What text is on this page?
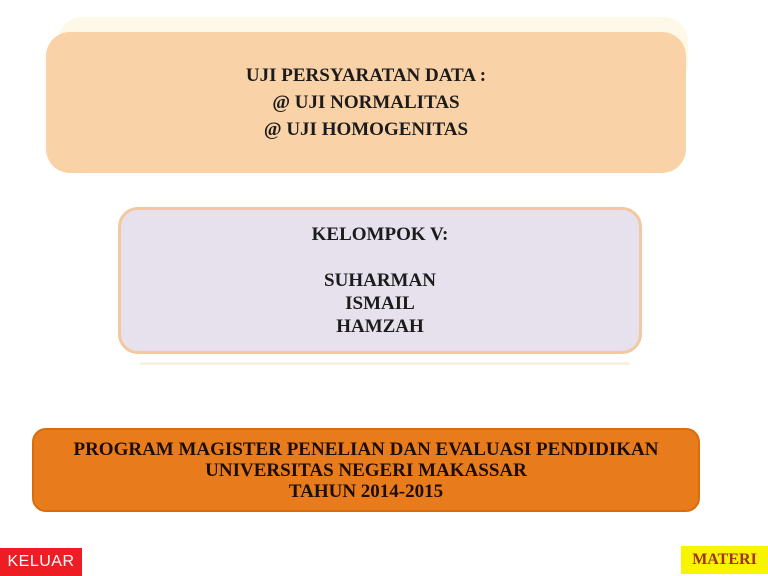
UJI PERSYARATAN DATA :
@ UJI NORMALITAS
@ UJI HOMOGENITAS
KELOMPOK V:
SUHARMAN
ISMAIL
HAMZAH
PROGRAM MAGISTER PENELIAN DAN EVALUASI PENDIDIKAN
UNIVERSITAS NEGERI MAKASSAR
TAHUN 2014-2015
KELUAR	MATERI
